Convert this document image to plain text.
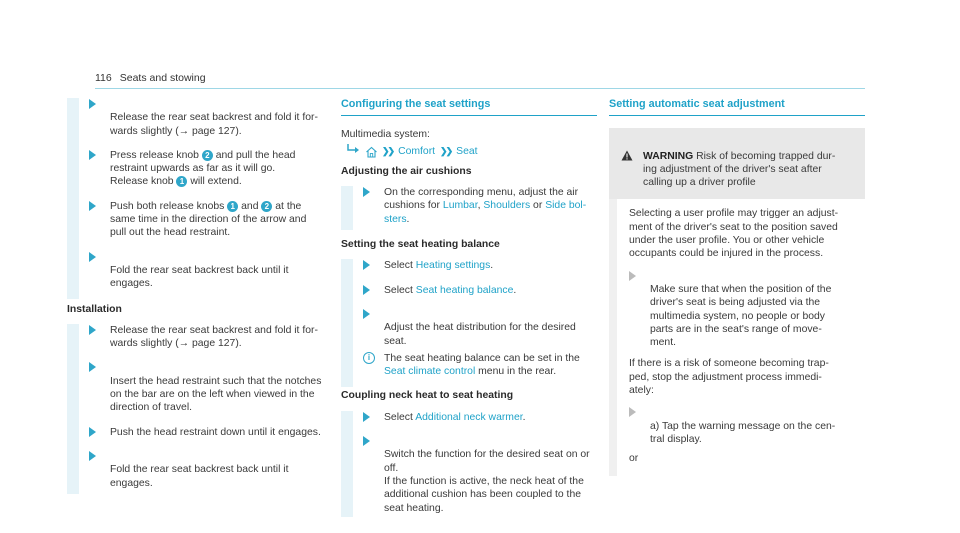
116 Seats and stowing

Release the rear seat backrest and fold it for-
wards slightly (→ page 127).

Press release knob 2 and pull the head
restraint upwards as far as it will go.
Release knob 1 will extend.
Push both release knobs 1 and 2 at the
same time in the direction of the arrow and
pull out the head restraint.

Fold the rear seat backrest back until it
engages.

Installation
Release the rear seat backrest and fold it for-
wards slightly (→ page 127).

Insert the head restraint such that the notches
on the bar are on the left when viewed in the
direction of travel.

Push the head restraint down until it engages.

Fold the rear seat backrest back until it
engages.

Configuring the seat settings
Multimedia system:
❯❯ Comfort ❯❯ Seat
Adjusting the air cushions
On the corresponding menu, adjust the air
cushions for Lumbar, Shoulders or Side bol-
sters.
Setting the seat heating balance
Select Heating settings.
Select Seat heating balance.

Adjust the heat distribution for the desired
seat.

i	The seat heating balance can be set in the
Seat climate control menu in the rear.
Coupling neck heat to seat heating
Select Additional neck warmer.

Switch the function for the desired seat on or
off.
If the function is active, the neck heat of the
additional cushion has been coupled to the
seat heating.

Setting automatic seat adjustment

WARNING Risk of becoming trapped dur-
ing adjustment of the driver's seat after
calling up a driver profile

Selecting a user profile may trigger an adjust-
ment of the driver's seat to the position saved
under the user profile. You or other vehicle
occupants could be injured in the process.

Make sure that when the position of the
driver's seat is being adjusted via the
multimedia system, no people or body
parts are in the seat's range of move-
ment.

If there is a risk of someone becoming trap-
ped, stop the adjustment process immedi-
ately:

a) Tap the warning message on the cen-
tral display.

or
